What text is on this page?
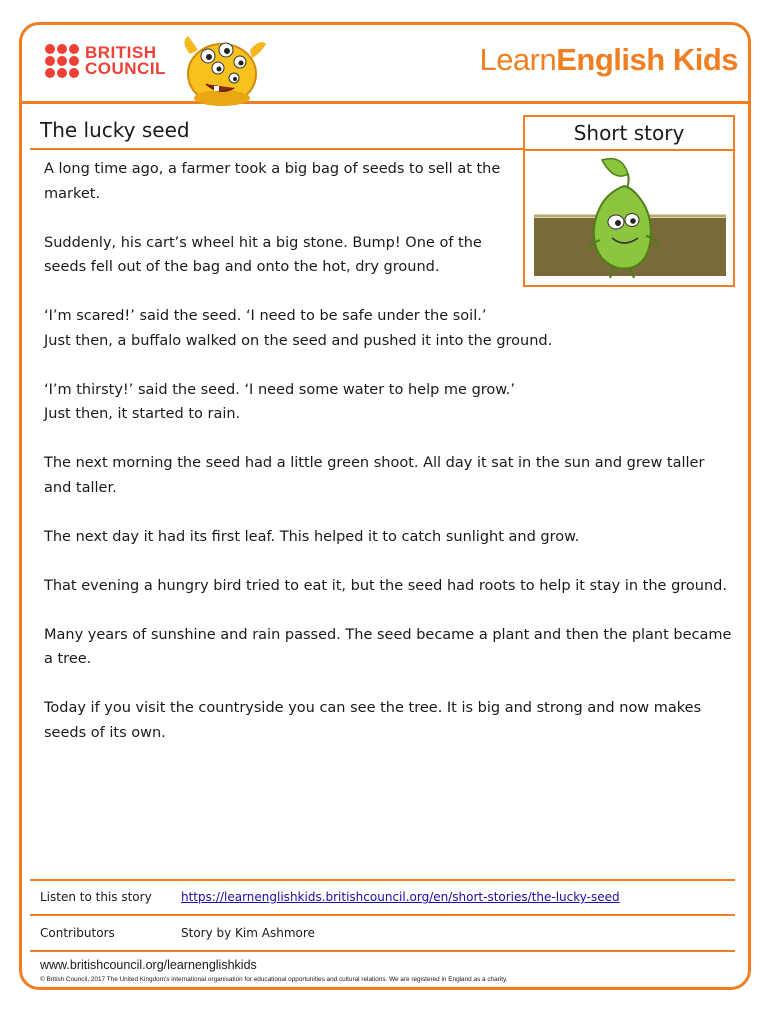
BRITISH
COUNCIL	LearnEnglish Kids
The lucky seed	Short story

A long time ago, a farmer took a big bag of seeds to sell at the market.

Suddenly, his cart’s wheel hit a big stone. Bump! One of the seeds fell out of the bag and onto the hot, dry ground.

‘I’m scared!’ said the seed. ‘I need to be safe under the soil.’
Just then, a buffalo walked on the seed and pushed it into the ground.

‘I’m thirsty!’ said the seed. ‘I need some water to help me grow.’
Just then, it started to rain.

The next morning the seed had a little green shoot. All day it sat in the sun and grew taller and taller.

The next day it had its first leaf. This helped it to catch sunlight and grow.

That evening a hungry bird tried to eat it, but the seed had roots to help it stay in the ground.

Many years of sunshine and rain passed. The seed became a plant and then the plant became a tree.

Today if you visit the countryside you can see the tree. It is big and strong and now makes seeds of its own.

Listen to this story https://learnenglishkids.britishcouncil.org/en/short-stories/the-lucky-seed
Contributors	Story by Kim Ashmore
www.britishcouncil.org/learnenglishkids
© British Council, 2017 The United Kingdom’s international organisation for educational opportunities and cultural relations. We are registered in England as a charity.
